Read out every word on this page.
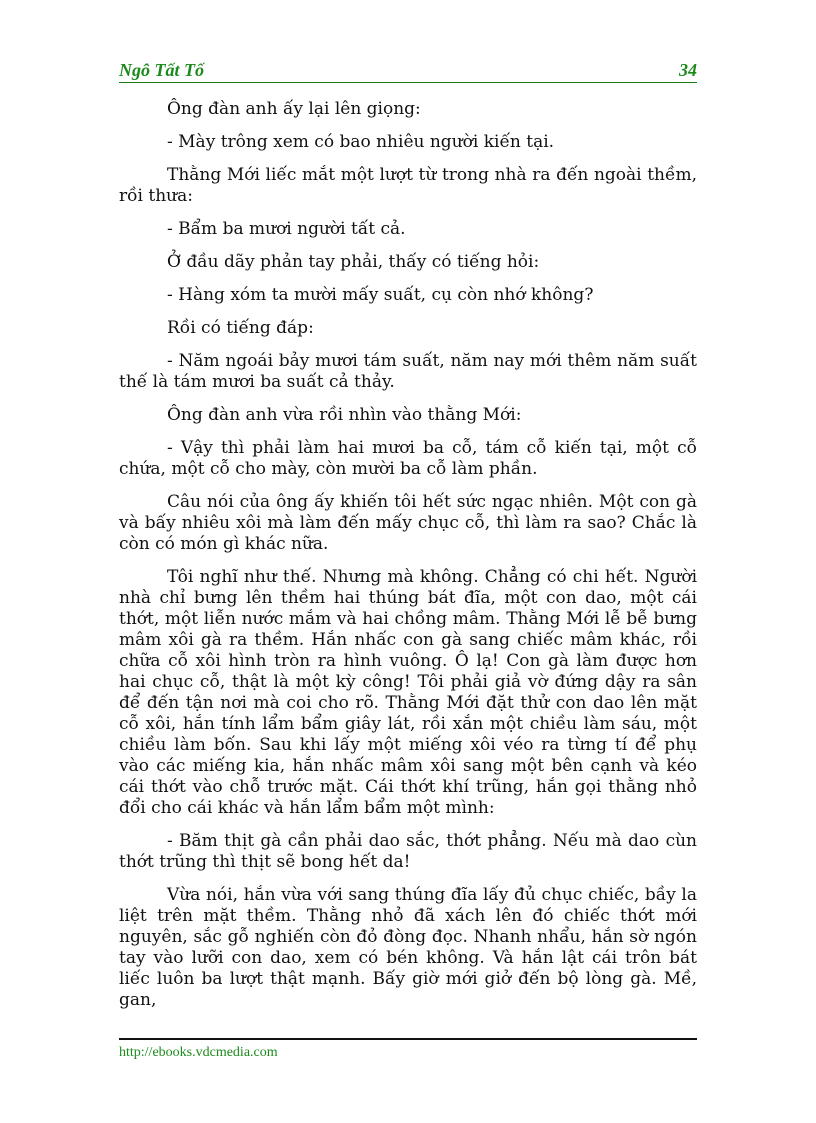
Ngô Tất Tố	34

Ông đàn anh ấy lại lên giọng:

- Mày trông xem có bao nhiêu người kiến tại.

Thằng Mới liếc mắt một lượt từ trong nhà ra đến ngoài thềm, rồi thưa:

- Bẩm ba mươi người tất cả.

Ở đầu dãy phản tay phải, thấy có tiếng hỏi:

- Hàng xóm ta mười mấy suất, cụ còn nhớ không?

Rồi có tiếng đáp:

- Năm ngoái bảy mươi tám suất, năm nay mới thêm năm suất thế là tám mươi ba suất cả thảy.

Ông đàn anh vừa rồi nhìn vào thằng Mới:

- Vậy thì phải làm hai mươi ba cỗ, tám cỗ kiến tại, một cỗ chứa, một cỗ cho mày, còn mười ba cỗ làm phần.

Câu nói của ông ấy khiến tôi hết sức ngạc nhiên. Một con gà và bấy nhiêu xôi mà làm đến mấy chục cỗ, thì làm ra sao? Chắc là còn có món gì khác nữa.

Tôi nghĩ như thế. Nhưng mà không. Chẳng có chi hết. Người nhà chỉ bưng lên thềm hai thúng bát đĩa, một con dao, một cái thớt, một liễn nước mắm và hai chồng mâm. Thằng Mới lễ bễ bưng mâm xôi gà ra thềm. Hắn nhấc con gà sang chiếc mâm khác, rồi chữa cỗ xôi hình tròn ra hình vuông. Ô lạ! Con gà làm được hơn hai chục cỗ, thật là một kỳ công! Tôi phải giả vờ đứng dậy ra sân để đến tận nơi mà coi cho rõ. Thằng Mới đặt thử con dao lên mặt cỗ xôi, hắn tính lẩm bẩm giây lát, rồi xắn một chiều làm sáu, một chiều làm bốn. Sau khi lấy một miếng xôi véo ra từng tí để phụ vào các miếng kia, hắn nhấc mâm xôi sang một bên cạnh và kéo cái thớt vào chỗ trước mặt. Cái thớt khí trũng, hắn gọi thằng nhỏ đổi cho cái khác và hắn lẩm bẩm một mình:

- Băm thịt gà cần phải dao sắc, thớt phẳng. Nếu mà dao cùn thớt trũng thì thịt sẽ bong hết da!

Vừa nói, hắn vừa với sang thúng đĩa lấy đủ chục chiếc, bầy la liệt trên mặt thềm. Thằng nhỏ đã xách lên đó chiếc thớt mới nguyên, sắc gỗ nghiến còn đỏ đòng đọc. Nhanh nhẩu, hắn sờ ngón tay vào lưỡi con dao, xem có bén không. Và hắn lật cái trôn bát liếc luôn ba lượt thật mạnh. Bấy giờ mới giở đến bộ lòng gà. Mề, gan,

http://ebooks.vdcmedia.com
